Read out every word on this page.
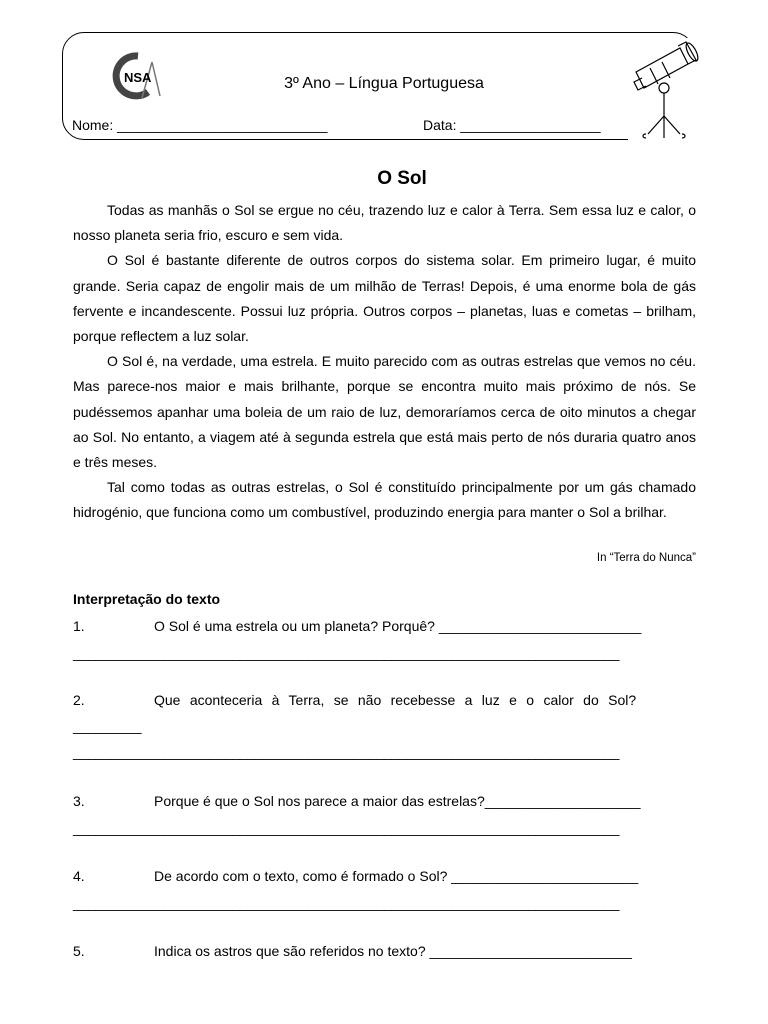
NSA	3º Ano – Língua Portuguesa
Nome: ___________________________	Data: __________________
O Sol

Todas as manhãs o Sol se ergue no céu, trazendo luz e calor à Terra. Sem essa luz e calor, o nosso planeta seria frio, escuro e sem vida.

O Sol é bastante diferente de outros corpos do sistema solar. Em primeiro lugar, é muito grande. Seria capaz de engolir mais de um milhão de Terras! Depois, é uma enorme bola de gás fervente e incandescente. Possui luz própria. Outros corpos – planetas, luas e cometas – brilham, porque reflectem a luz solar.

O Sol é, na verdade, uma estrela. E muito parecido com as outras estrelas que vemos no céu. Mas parece-nos maior e mais brilhante, porque se encontra muito mais próximo de nós. Se pudéssemos apanhar uma boleia de um raio de luz, demoraríamos cerca de oito minutos a chegar ao Sol. No entanto, a viagem até à segunda estrela que está mais perto de nós duraria quatro anos e três meses.

Tal como todas as outras estrelas, o Sol é constituído principalmente por um gás chamado hidrogénio, que funciona como um combustível, produzindo energia para manter o Sol a brilhar.

In “Terra do Nunca”
Interpretação do texto
1.	O Sol é uma estrela ou um planeta? Porquê? __________________________
________________________________________________________________________
2.	Que aconteceria à Terra, se não recebesse a luz e o calor do Sol?
_________
________________________________________________________________________
3.	Porque é que o Sol nos parece a maior das estrelas?____________________
________________________________________________________________________
4.	De acordo com o texto, como é formado o Sol? ________________________
________________________________________________________________________
5.	Indica os astros que são referidos no texto? __________________________
